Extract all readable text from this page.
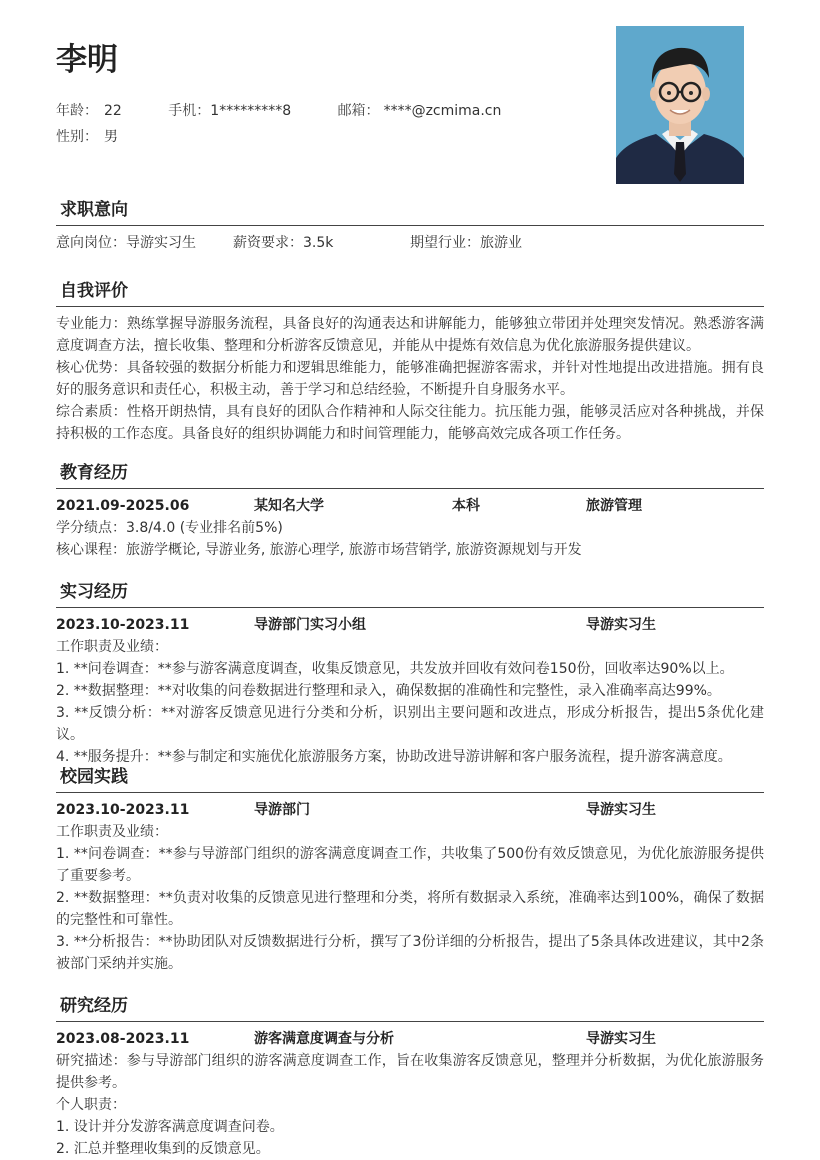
李明
年龄： 22	手机：1*********8	邮箱： ****@zcmima.cn
性别： 男
求职意向
意向岗位：导游实习生	薪资要求：3.5k	期望行业：旅游业
自我评价

专业能力：熟练掌握导游服务流程，具备良好的沟通表达和讲解能力，能够独立带团并处理突发情况。熟悉游客满意度调查方法，擅长收集、整理和分析游客反馈意见，并能从中提炼有效信息为优化旅游服务提供建议。

核心优势：具备较强的数据分析能力和逻辑思维能力，能够准确把握游客需求，并针对性地提出改进措施。拥有良好的服务意识和责任心，积极主动，善于学习和总结经验，不断提升自身服务水平。

综合素质：性格开朗热情，具有良好的团队合作精神和人际交往能力。抗压能力强，能够灵活应对各种挑战，并保持积极的工作态度。具备良好的组织协调能力和时间管理能力，能够高效完成各项工作任务。

教育经历
2021.09-2025.06	某知名大学	本科	旅游管理

学分绩点：3.8/4.0 (专业排名前5%)

核心课程：旅游学概论, 导游业务, 旅游心理学, 旅游市场营销学, 旅游资源规划与开发

实习经历
2023.10-2023.11	导游部门实习小组	导游实习生

工作职责及业绩：

1. **问卷调查：**参与游客满意度调查，收集反馈意见，共发放并回收有效问卷150份，回收率达90%以上。

2. **数据整理：**对收集的问卷数据进行整理和录入，确保数据的准确性和完整性，录入准确率高达99%。

3. **反馈分析：**对游客反馈意见进行分类和分析，识别出主要问题和改进点，形成分析报告，提出5条优化建议。

4. **服务提升：**参与制定和实施优化旅游服务方案，协助改进导游讲解和客户服务流程，提升游客满意度。

校园实践
2023.10-2023.11	导游部门	导游实习生

工作职责及业绩：

1. **问卷调查：**参与导游部门组织的游客满意度调查工作，共收集了500份有效反馈意见，为优化旅游服务提供了重要参考。

2. **数据整理：**负责对收集的反馈意见进行整理和分类，将所有数据录入系统，准确率达到100%，确保了数据的完整性和可靠性。

3. **分析报告：**协助团队对反馈数据进行分析，撰写了3份详细的分析报告，提出了5条具体改进建议，其中2条被部门采纳并实施。

研究经历
2023.08-2023.11	游客满意度调查与分析	导游实习生

研究描述：参与导游部门组织的游客满意度调查工作，旨在收集游客反馈意见，整理并分析数据，为优化旅游服务提供参考。

个人职责：

1. 设计并分发游客满意度调查问卷。

2. 汇总并整理收集到的反馈意见。
